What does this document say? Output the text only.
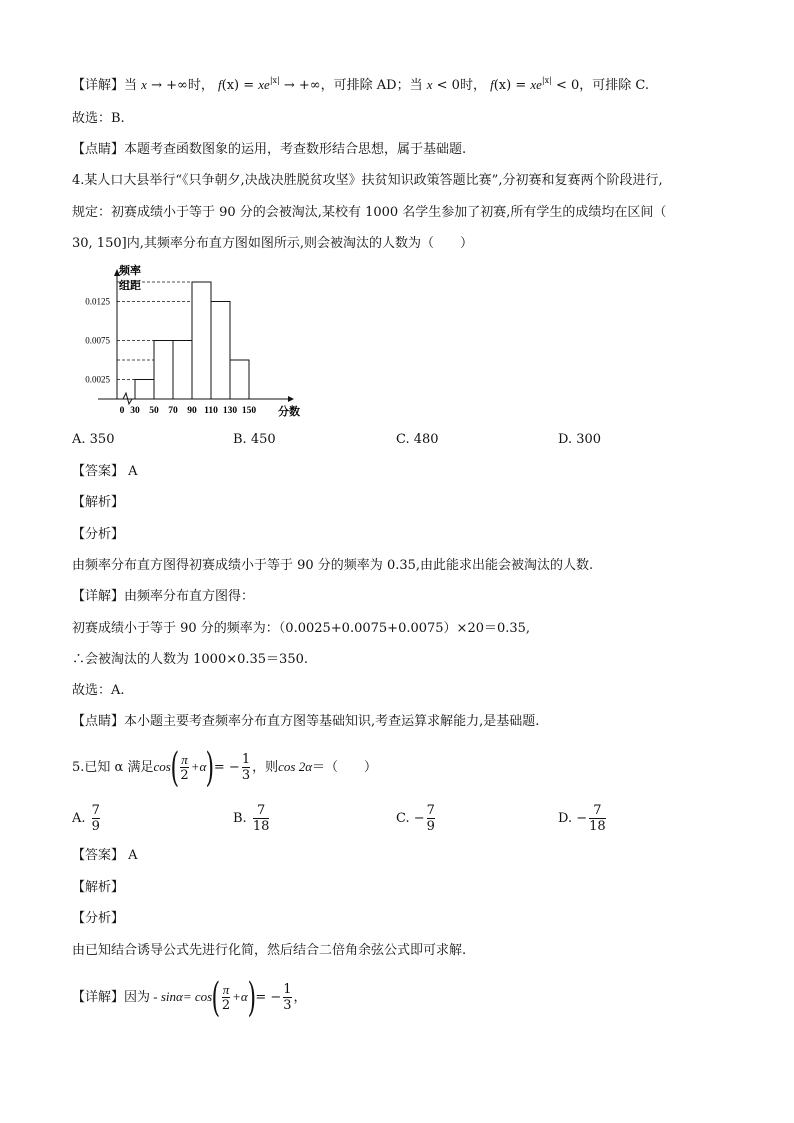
【详解】当 x → +∞时， $f(x) = xe^{|x|}$ → +∞，可排除 AD；当 x < 0时， $f(x) = xe^{|x|} < 0$，可排除 C.
故选：B.
【点睛】本题考查函数图象的运用，考查数形结合思想，属于基础题.
4.某人口大县举行“《只争朝夕,决战决胜脱贫攻坚》扶贫知识政策答题比赛”,分初赛和复赛两个阶段进行,
规定：初赛成绩小于等于 90 分的会被淘汰,某校有 1000 名学生参加了初赛,所有学生的成绩均在区间（
30, 150]内,其频率分布直方图如图所示,则会被淘汰的人数为（　　）
0.0025
0.0075
0.0125
0 30 50 70 90 110 130 150
频率
组距
分数
A. 350	B. 450	C. 480	D. 300
【答案】 A
【解析】
【分析】
由频率分布直方图得初赛成绩小于等于 90 分的频率为 0.35,由此能求出能会被淘汰的人数.
【详解】由频率分布直方图得：
初赛成绩小于等于 90 分的频率为：（0.0025+0.0075+0.0075）×20＝0.35,
∴会被淘汰的人数为 1000×0.35＝350.
故选：A.
【点睛】本小题主要考查频率分布直方图等基础知识,考查运算求解能力,是基础题.
5.已知 α 满足$\cos( \frac{\pi}{2} +\alpha)= - \frac{1}{3}$ ，则cos 2α＝（　　）
A.
$\frac{7}{9}$	B.
$\frac{7}{18}$	C.
− $\frac{7}{9}$	D.
− $\frac{7}{18}$
【答案】 A
【解析】
【分析】
由已知结合诱导公式先进行化简，然后结合二倍角余弦公式即可求解.
【详解】因为 - $\sin\alpha= \cos( \frac{\pi}{2} +\alpha)= - \frac{1}{3}$ ，
